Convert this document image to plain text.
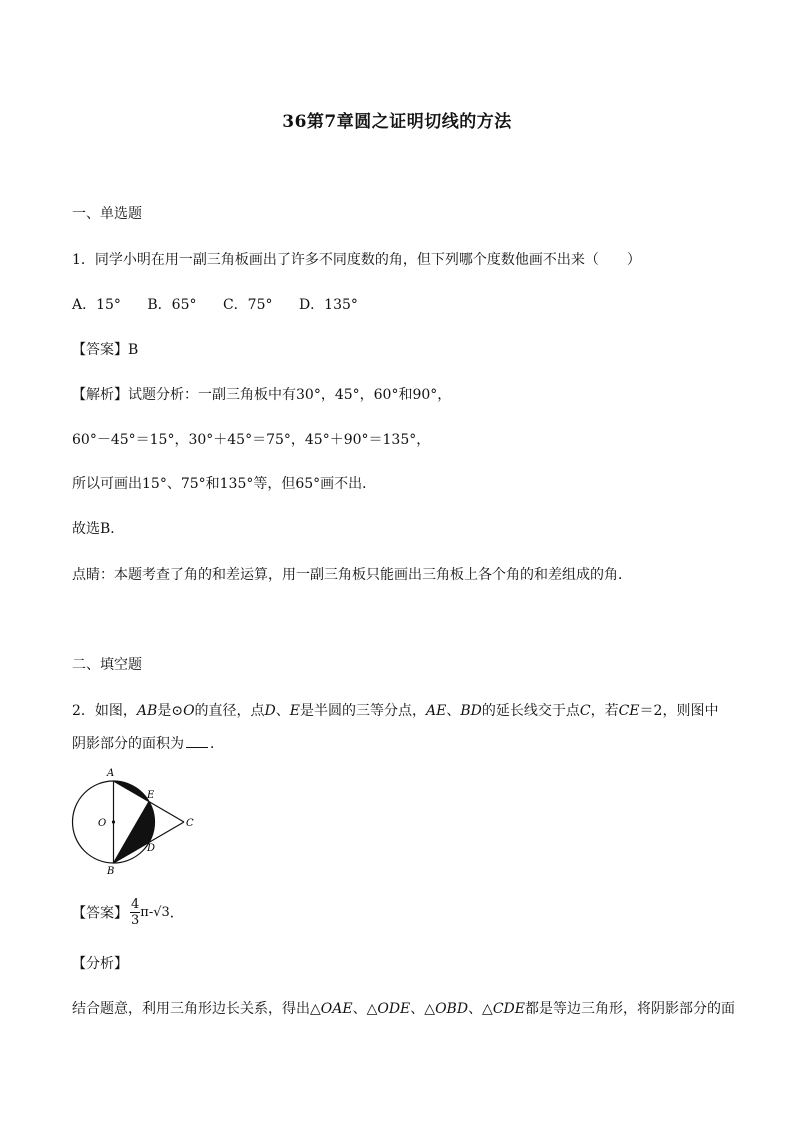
36第7章圆之证明切线的方法
一、单选题
1．同学小明在用一副三角板画出了许多不同度数的角，但下列哪个度数他画不出来（　　）
A．15° B．65° C．75° D．135°
【答案】B
【解析】试题分析：一副三角板中有30°，45°，60°和90°，
60°－45°＝15°，30°＋45°＝75°，45°＋90°＝135°，
所以可画出15°、75°和135°等，但65°画不出．
故选B．
点睛：本题考查了角的和差运算，用一副三角板只能画出三角板上各个角的和差组成的角．
二、填空题
2．如图，AB是⊙O的直径，点D、E是半圆的三等分点，AE、BD的延长线交于点C，若CE＝2，则图中
阴影部分的面积为 ．
A
B
C
D
E
O
【答案】 $\frac{4}{3} \pi-√3$．
【分析】
结合题意，利用三角形边长关系，得出△OAE、△ODE、△OBD、△CDE都是等边三角形，将阴影部分的面
